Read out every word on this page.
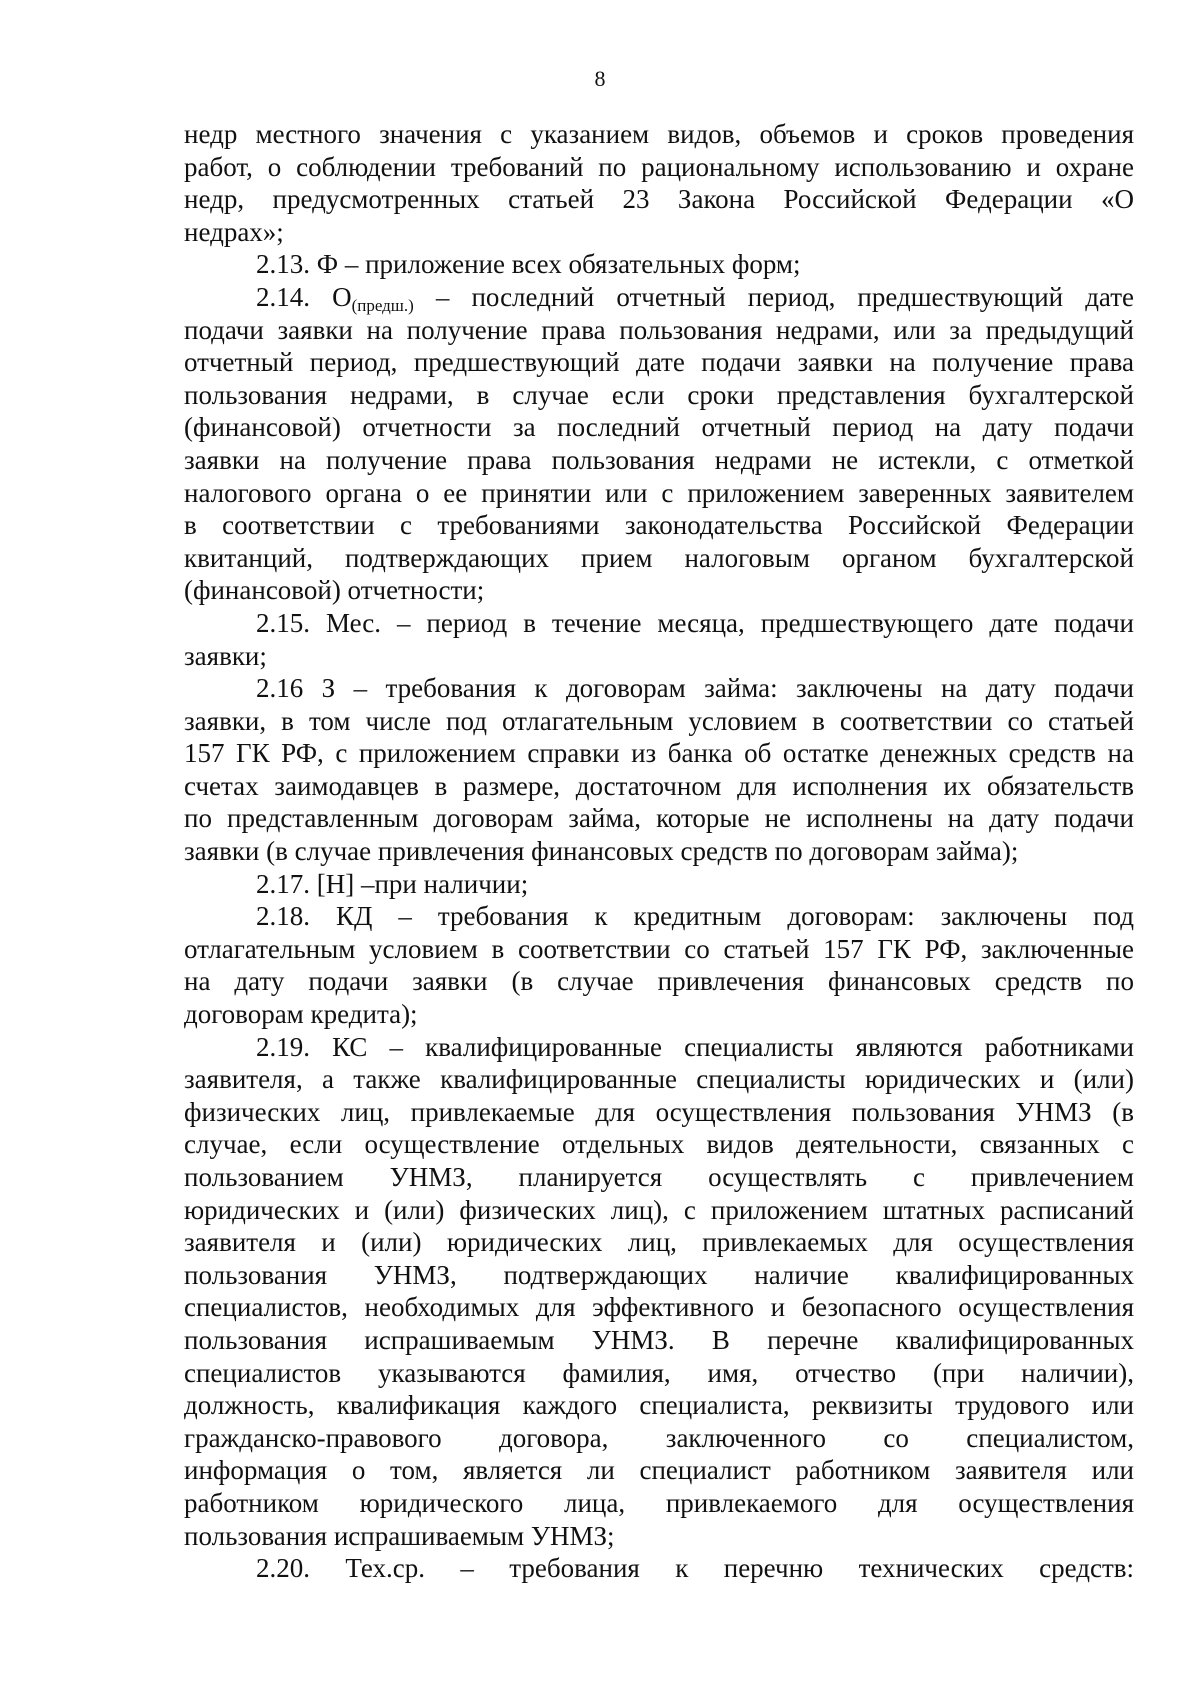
8
недр местного значения с указанием видов, объемов и сроков проведения
работ, о соблюдении требований по рациональному использованию и охране
недр, предусмотренных статьей 23 Закона Российской Федерации «О
недрах»;
2.13. Ф – приложение всех обязательных форм;
2.14. $О_{(предш.)}$ – последний отчетный период, предшествующий дате
подачи заявки на получение права пользования недрами, или за предыдущий
отчетный период, предшествующий дате подачи заявки на получение права
пользования недрами, в случае если сроки представления бухгалтерской
(финансовой) отчетности за последний отчетный период на дату подачи
заявки на получение права пользования недрами не истекли, с отметкой
налогового органа о ее принятии или с приложением заверенных заявителем
в соответствии с требованиями законодательства Российской Федерации
квитанций, подтверждающих прием налоговым органом бухгалтерской
(финансовой) отчетности;
2.15. Мес. – период в течение месяца, предшествующего дате подачи
заявки;
2.16 З – требования к договорам займа: заключены на дату подачи
заявки, в том числе под отлагательным условием в соответствии со статьей
157 ГК РФ, с приложением справки из банка об остатке денежных средств на
счетах заимодавцев в размере, достаточном для исполнения их обязательств
по представленным договорам займа, которые не исполнены на дату подачи
заявки (в случае привлечения финансовых средств по договорам займа);
2.17. [Н] –при наличии;
2.18. КД – требования к кредитным договорам: заключены под
отлагательным условием в соответствии со статьей 157 ГК РФ, заключенные
на дату подачи заявки (в случае привлечения финансовых средств по
договорам кредита);
2.19. КС – квалифицированные специалисты являются работниками
заявителя, а также квалифицированные специалисты юридических и (или)
физических лиц, привлекаемые для осуществления пользования УНМЗ (в
случае, если осуществление отдельных видов деятельности, связанных с
пользованием УНМЗ, планируется осуществлять с привлечением
юридических и (или) физических лиц), с приложением штатных расписаний
заявителя и (или) юридических лиц, привлекаемых для осуществления
пользования УНМЗ, подтверждающих наличие квалифицированных
специалистов, необходимых для эффективного и безопасного осуществления
пользования испрашиваемым УНМЗ. В перечне квалифицированных
специалистов указываются фамилия, имя, отчество (при наличии),
должность, квалификация каждого специалиста, реквизиты трудового или
гражданско-правового договора, заключенного со специалистом,
информация о том, является ли специалист работником заявителя или
работником юридического лица, привлекаемого для осуществления
пользования испрашиваемым УНМЗ;
2.20. Тех.ср. – требования к перечню технических средств:
